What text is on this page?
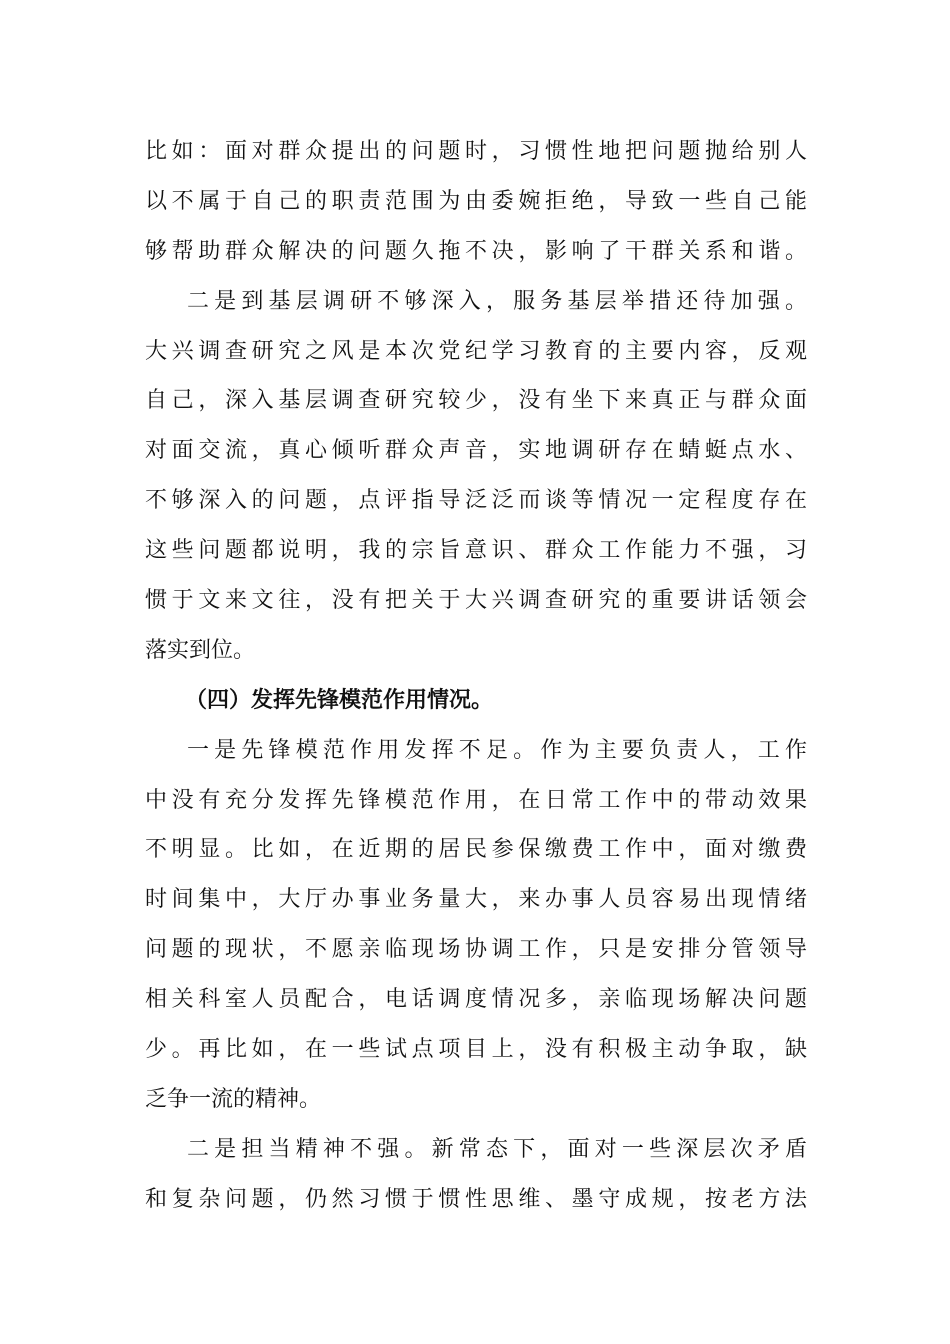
比如：面对群众提出的问题时，习惯性地把问题抛给别人
以不属于自己的职责范围为由委婉拒绝，导致一些自己能
够帮助群众解决的问题久拖不决，影响了干群关系和谐。
二是到基层调研不够深入，服务基层举措还待加强。
大兴调查研究之风是本次党纪学习教育的主要内容，反观
自己，深入基层调查研究较少，没有坐下来真正与群众面
对面交流，真心倾听群众声音，实地调研存在蜻蜓点水、
不够深入的问题，点评指导泛泛而谈等情况一定程度存在
这些问题都说明，我的宗旨意识、群众工作能力不强，习
惯于文来文往，没有把关于大兴调查研究的重要讲话领会
落实到位。
（四）发挥先锋模范作用情况。
一是先锋模范作用发挥不足。作为主要负责人，工作
中没有充分发挥先锋模范作用，在日常工作中的带动效果
不明显。比如，在近期的居民参保缴费工作中，面对缴费
时间集中，大厅办事业务量大，来办事人员容易出现情绪
问题的现状，不愿亲临现场协调工作，只是安排分管领导
相关科室人员配合，电话调度情况多，亲临现场解决问题
少。再比如，在一些试点项目上，没有积极主动争取，缺
乏争一流的精神。
二是担当精神不强。新常态下，面对一些深层次矛盾
和复杂问题，仍然习惯于惯性思维、墨守成规，按老方法
